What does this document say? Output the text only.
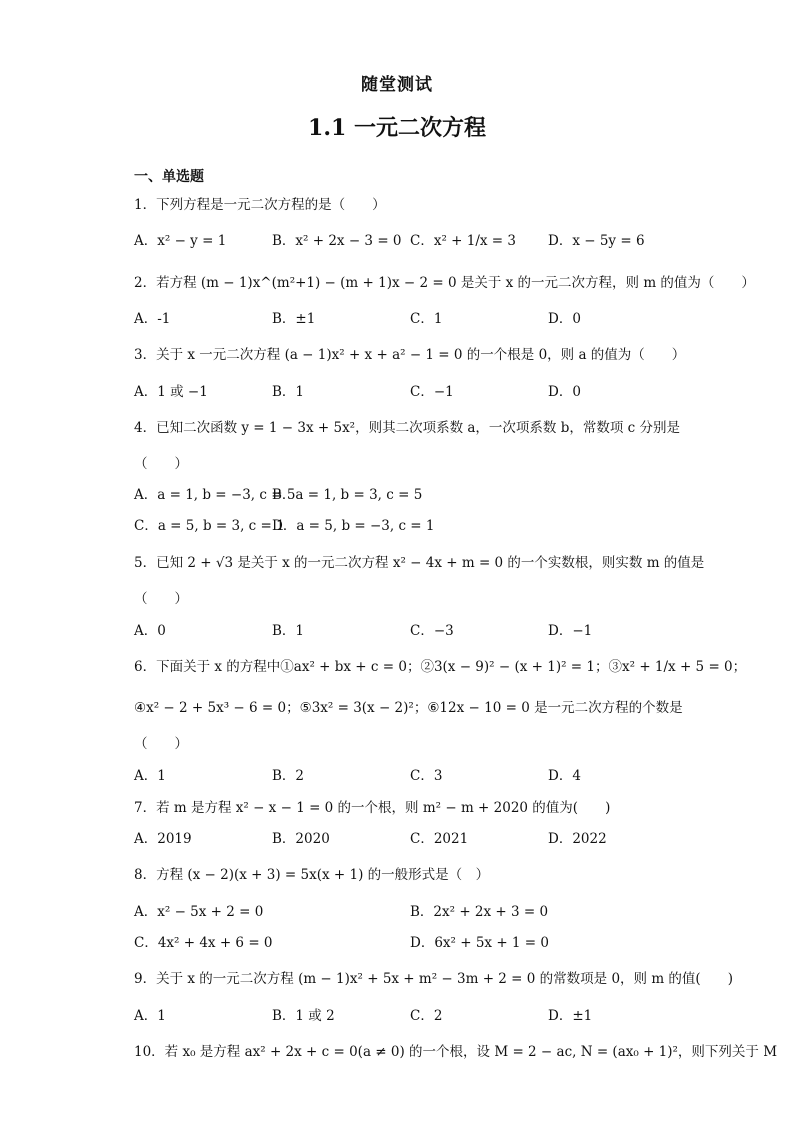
随堂测试
1.1 一元二次方程
一、单选题
1．下列方程是一元二次方程的是（　　）
A．x² − y = 1	B．x² + 2x − 3 = 0 C．x² + 1/x = 3 D．x − 5y = 6
2．若方程 (m − 1)x^(m²+1) − (m + 1)x − 2 = 0 是关于 x 的一元二次方程，则 m 的值为（　　）
A．-1	B．±1	C．1	D．0
3．关于 x 一元二次方程 (a − 1)x² + x + a² − 1 = 0 的一个根是 0，则 a 的值为（　　）
A．1 或 −1	B．1	C．−1	D．0
4．已知二次函数 y = 1 − 3x + 5x²，则其二次项系数 a，一次项系数 b，常数项 c 分别是
（　　）
A．a = 1, b = −3, c = 5
B．a = 1, b = 3, c = 5
C．a = 5, b = 3, c = 1
D．a = 5, b = −3, c = 1
5．已知 2 + √3 是关于 x 的一元二次方程 x² − 4x + m = 0 的一个实数根，则实数 m 的值是
（　　）
A．0	B．1	C．−3	D．−1
6．下面关于 x 的方程中①ax² + bx + c = 0；②3(x − 9)² − (x + 1)² = 1；③x² + 1/x + 5 = 0；
④x² − 2 + 5x³ − 6 = 0；⑤3x² = 3(x − 2)²；⑥12x − 10 = 0 是一元二次方程的个数是
（　　）
A．1	B．2	C．3	D．4
7．若 m 是方程 x² − x − 1 = 0 的一个根，则 m² − m + 2020 的值为(　　)
A．2019	B．2020	C．2021	D．2022
8．方程 (x − 2)(x + 3) = 5x(x + 1) 的一般形式是（　）
A．x² − 5x + 2 = 0	B．2x² + 2x + 3 = 0
C．4x² + 4x + 6 = 0	D．6x² + 5x + 1 = 0
9．关于 x 的一元二次方程 (m − 1)x² + 5x + m² − 3m + 2 = 0 的常数项是 0，则 m 的值(　　)
A．1	B．1 或 2	C．2	D．±1
10．若 x₀ 是方程 ax² + 2x + c = 0(a ≠ 0) 的一个根，设 M = 2 − ac, N = (ax₀ + 1)²，则下列关于 M
